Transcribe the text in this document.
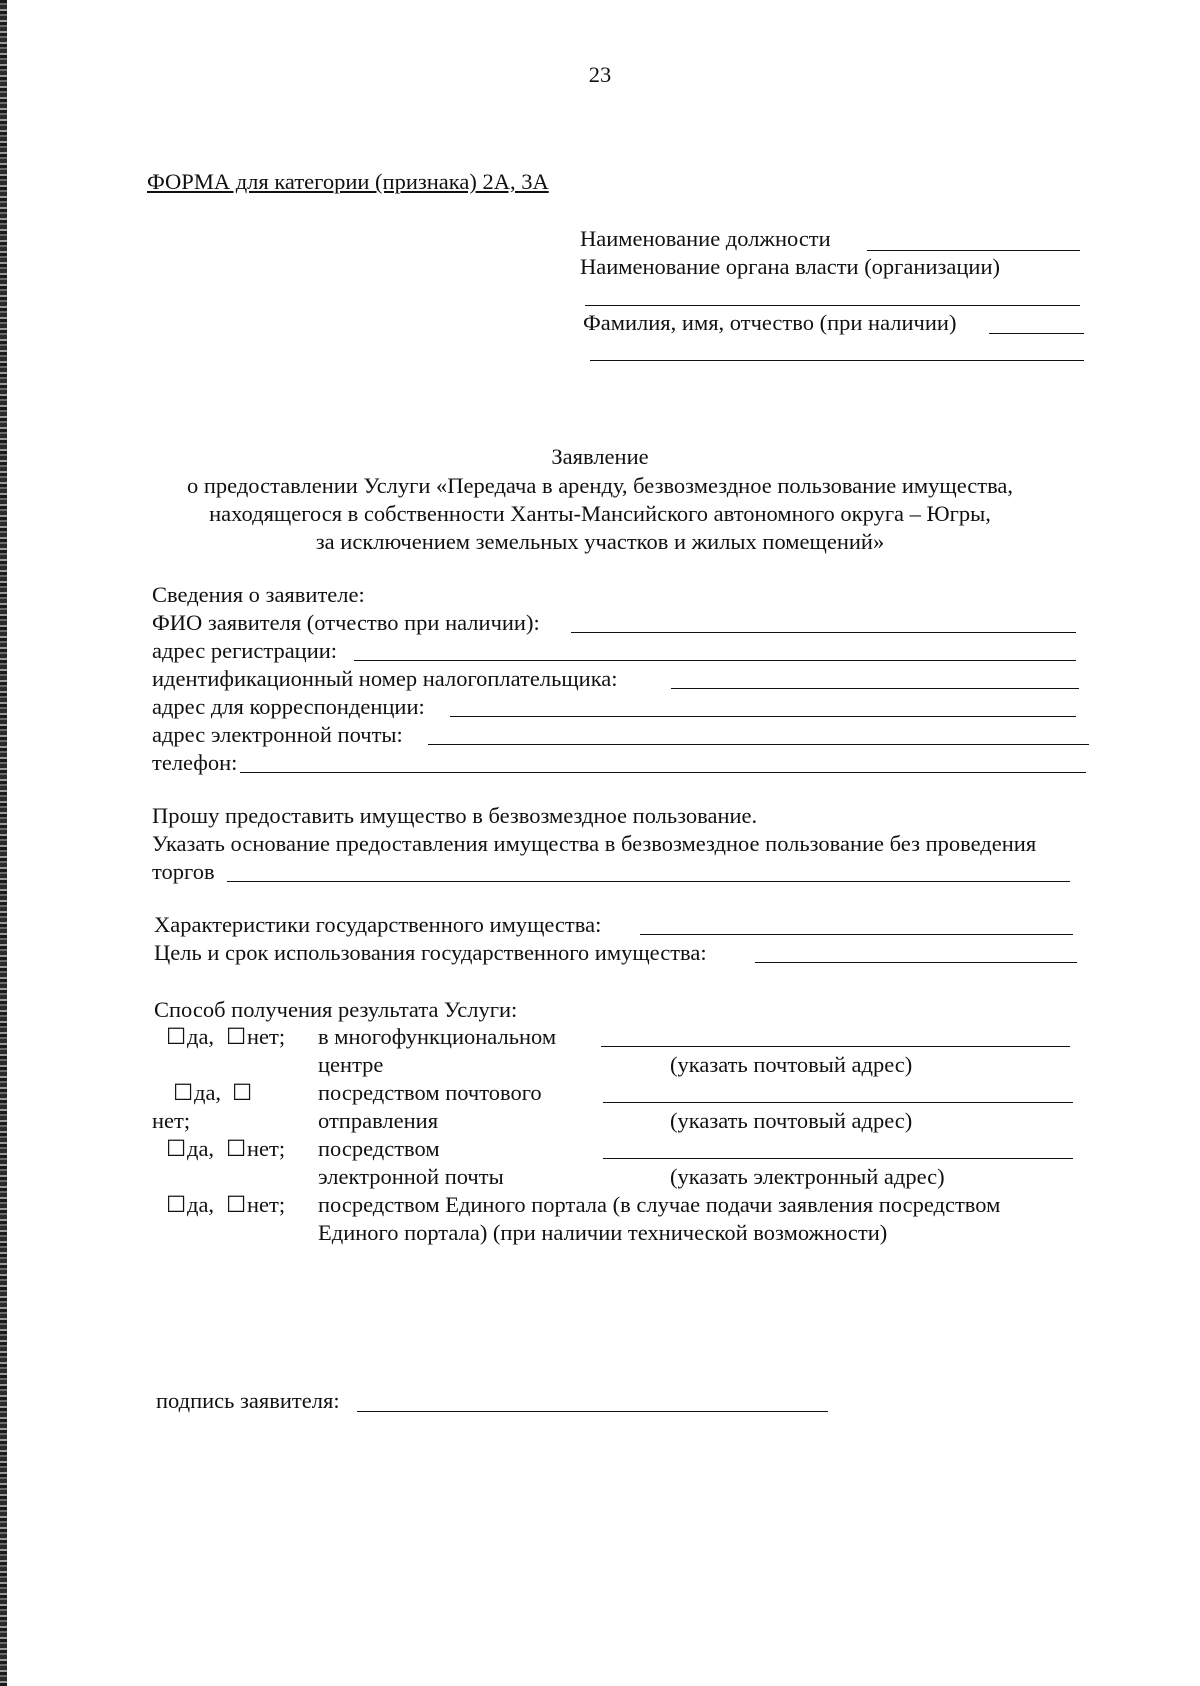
23
ФОРМА для категории (признака) 2А, 3А
Наименование должности
Наименование органа власти (организации)
Фамилия, имя, отчество (при наличии)
Заявление
о предоставлении Услуги «Передача в аренду, безвозмездное пользование имущества,
находящегося в собственности Ханты-Мансийского автономного округа – Югры,
за исключением земельных участков и жилых помещений»
Сведения о заявителе:
ФИО заявителя (отчество при наличии):
адрес регистрации:
идентификационный номер налогоплательщика:
адрес для корреспонденции:
адрес электронной почты:
телефон:
Прошу предоставить имущество в безвозмездное пользование.
Указать основание предоставления имущества в безвозмездное пользование без проведения
торгов
Характеристики государственного имущества:
Цель и срок использования государственного имущества:
Способ получения результата Услуги:
☐ да, ☐ нет; в многофункциональном
центре	(указать почтовый адрес)
☐ да, ☐	посредством почтового
нет;	отправления	(указать почтовый адрес)
☐ да, ☐ нет; посредством
электронной почты	(указать электронный адрес)
☐ да, ☐ нет; посредством Единого портала (в случае подачи заявления посредством
Единого портала) (при наличии технической возможности)
подпись заявителя:
